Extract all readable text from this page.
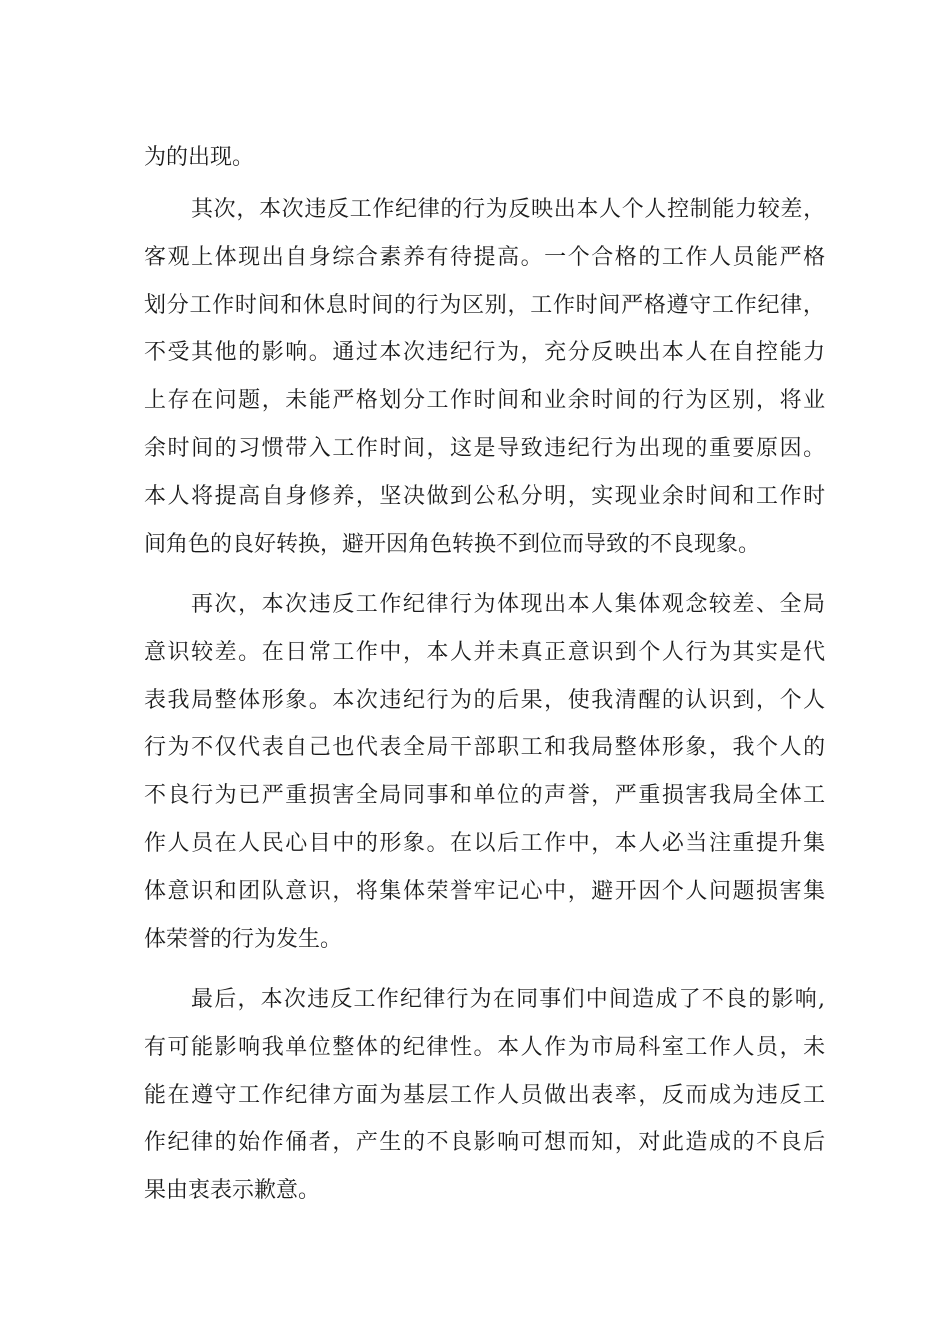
为的出现。
其次，本次违反工作纪律的行为反映出本人个人控制能力较差，
客观上体现出自身综合素养有待提高。一个合格的工作人员能严格
划分工作时间和休息时间的行为区别，工作时间严格遵守工作纪律，
不受其他的影响。通过本次违纪行为，充分反映出本人在自控能力
上存在问题，未能严格划分工作时间和业余时间的行为区别，将业
余时间的习惯带入工作时间，这是导致违纪行为出现的重要原因。
本人将提高自身修养，坚决做到公私分明，实现业余时间和工作时
间角色的良好转换，避开因角色转换不到位而导致的不良现象。
再次，本次违反工作纪律行为体现出本人集体观念较差、全局
意识较差。在日常工作中，本人并未真正意识到个人行为其实是代
表我局整体形象。本次违纪行为的后果，使我清醒的认识到，个人
行为不仅代表自己也代表全局干部职工和我局整体形象，我个人的
不良行为已严重损害全局同事和单位的声誉，严重损害我局全体工
作人员在人民心目中的形象。在以后工作中，本人必当注重提升集
体意识和团队意识，将集体荣誉牢记心中，避开因个人问题损害集
体荣誉的行为发生。
最后，本次违反工作纪律行为在同事们中间造成了不良的影响,
有可能影响我单位整体的纪律性。本人作为市局科室工作人员，未
能在遵守工作纪律方面为基层工作人员做出表率，反而成为违反工
作纪律的始作俑者，产生的不良影响可想而知，对此造成的不良后
果由衷表示歉意。
